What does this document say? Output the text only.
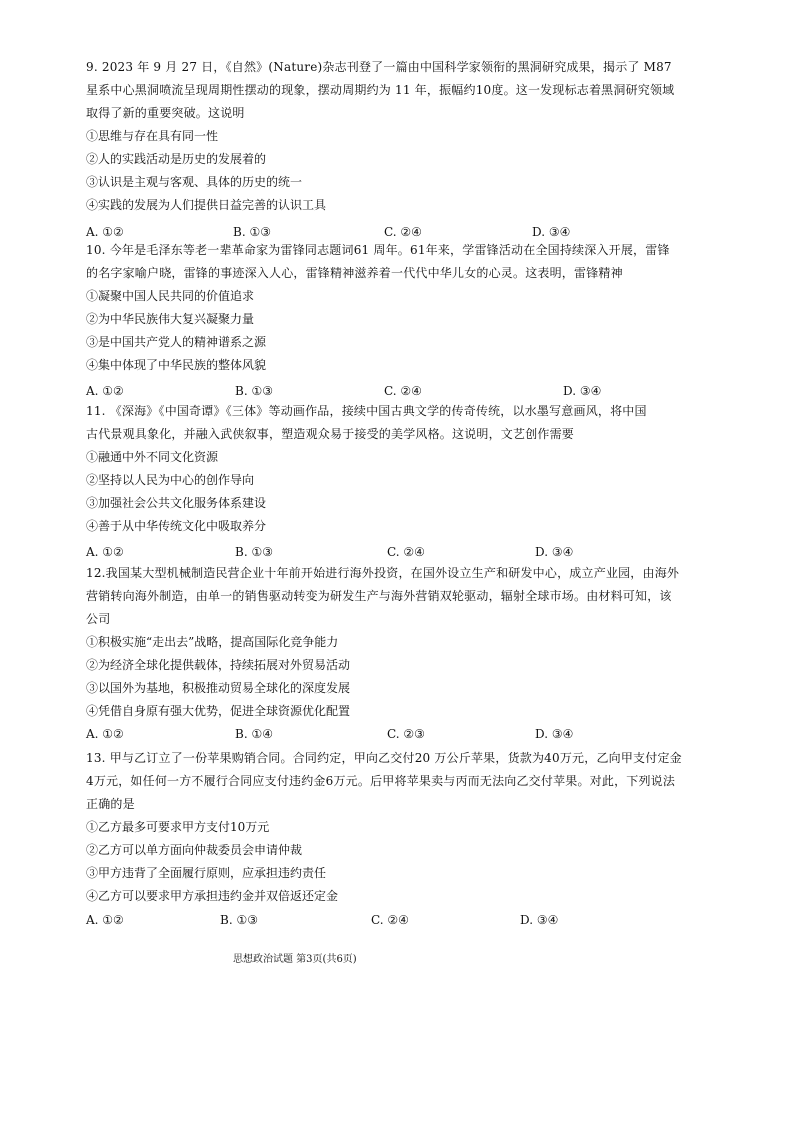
9. 2023 年 9 月 27 日，《自然》(Nature)杂志刊登了一篇由中国科学家领衔的黑洞研究成果，揭示了 M87
星系中心黑洞喷流呈现周期性摆动的现象，摆动周期约为 11 年，振幅约10度。这一发现标志着黑洞研究领域
取得了新的重要突破。这说明
①思维与存在具有同一性
②人的实践活动是历史的发展着的
③认识是主观与客观、具体的历史的统一
④实践的发展为人们提供日益完善的认识工具
A. ①②	B. ①③	C. ②④	D. ③④
10. 今年是毛泽东等老一辈革命家为雷锋同志题词61 周年。61年来，学雷锋活动在全国持续深入开展，雷锋
的名字家喻户晓，雷锋的事迹深入人心，雷锋精神滋养着一代代中华儿女的心灵。这表明，雷锋精神
①凝聚中国人民共同的价值追求
②为中华民族伟大复兴凝聚力量
③是中国共产党人的精神谱系之源
④集中体现了中华民族的整体风貌
A. ①②	B. ①③	C. ②④	D. ③④
11. 《深海》《中国奇谭》《三体》等动画作品，接续中国古典文学的传奇传统，以水墨写意画风，将中国
古代景观具象化，并融入武侠叙事，塑造观众易于接受的美学风格。这说明，文艺创作需要
①融通中外不同文化资源
②坚持以人民为中心的创作导向
③加强社会公共文化服务体系建设
④善于从中华传统文化中吸取养分
A. ①②	B. ①③	C. ②④	D. ③④
12.我国某大型机械制造民营企业十年前开始进行海外投资，在国外设立生产和研发中心，成立产业园，由海外
营销转向海外制造，由单一的销售驱动转变为研发生产与海外营销双轮驱动，辐射全球市场。由材料可知，该
公司
①积极实施“走出去”战略，提高国际化竞争能力
②为经济全球化提供载体，持续拓展对外贸易活动
③以国外为基地，积极推动贸易全球化的深度发展
④凭借自身原有强大优势，促进全球资源优化配置
A. ①②	B. ①④	C. ②③	D. ③④
13. 甲与乙订立了一份苹果购销合同。合同约定，甲向乙交付20 万公斤苹果，货款为40万元，乙向甲支付定金
4万元，如任何一方不履行合同应支付违约金6万元。后甲将苹果卖与丙而无法向乙交付苹果。对此，下列说法
正确的是
①乙方最多可要求甲方支付10万元
②乙方可以单方面向仲裁委员会申请仲裁
③甲方违背了全面履行原则，应承担违约责任
④乙方可以要求甲方承担违约金并双倍返还定金
A. ①②	B. ①③	C. ②④	D. ③④
思想政治试题 第3页(共6页)
